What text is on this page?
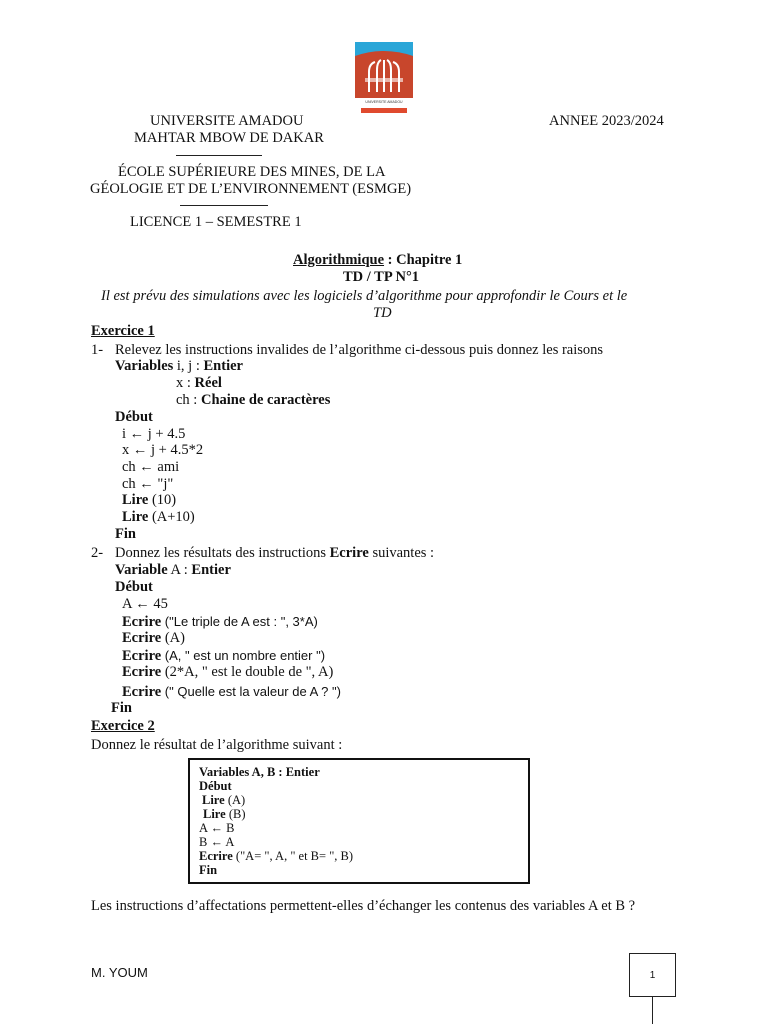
UNIVERSITE AMADOU
UNIVERSITE AMADOU
MAHTAR MBOW DE DAKAR
ANNEE 2023/2024
ÉCOLE SUPÉRIEURE DES MINES, DE LA
GÉOLOGIE ET DE L’ENVIRONNEMENT (ESMGE)
LICENCE 1 – SEMESTRE 1
Algorithmique : Chapitre 1
TD / TP N°1
Il est prévu des simulations avec les logiciels d’algorithme pour approfondir le Cours et le
TD
Exercice 1
1- Relevez les instructions invalides de l’algorithme ci-dessous puis donnez les raisons
Variables i, j : Entier
x : Réel
ch : Chaine de caractères
Début
i ← j + 4.5
x ← j + 4.5*2
ch ← ami
ch ← "j"
Lire (10)
Lire (A+10)
Fin
2- Donnez les résultats des instructions Ecrire suivantes :
Variable A : Entier
Début
A ← 45
Ecrire ("Le triple de A est : ", 3*A)
Ecrire (A)
Ecrire (A, " est un nombre entier ")
Ecrire (2*A, " est le double de ", A)
Ecrire (" Quelle est la valeur de A ? ")
Fin
Exercice 2
Donnez le résultat de l’algorithme suivant :
Variables A, B : Entier
Début
Lire (A)
Lire (B)
A ← B
B ← A
Ecrire ("A= ", A, " et B= ", B)
Fin
Les instructions d’affectations permettent-elles d’échanger les contenus des variables A et B ?
M. YOUM	1
